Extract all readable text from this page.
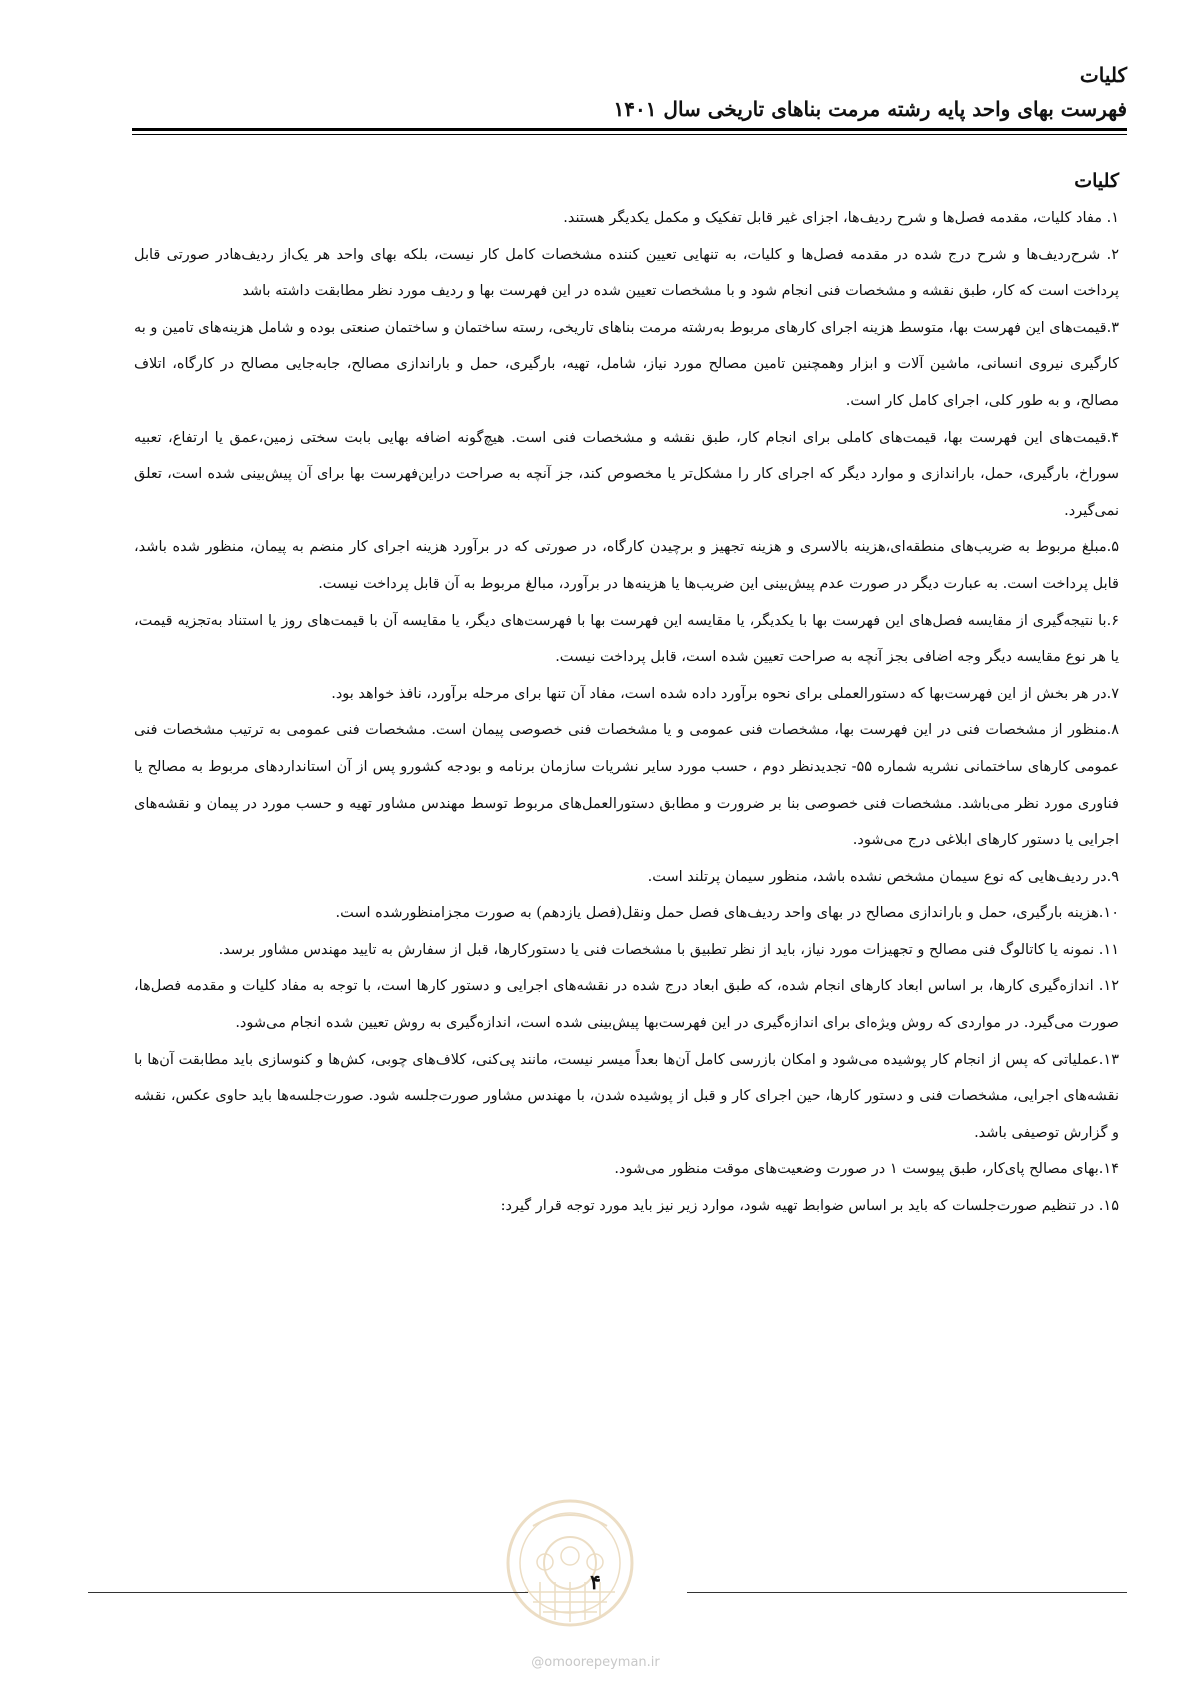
کلیات
فهرست بهای واحد پایه رشته مرمت بناهای تاریخی سال ۱۴۰۱
کلیات

۱. مفاد کلیات، مقدمه فصل‌ها و شرح ردیف‌ها، اجزای غیر قابل تفکیک و مکمل یکدیگر هستند.

۲. شرح‌ردیف‌ها و شرح درج شده در مقدمه فصل‌ها و کلیات، به تنهایی تعیین کننده مشخصات کامل کار نیست، بلکه بهای واحد هر یک‌از ردیف‌هادر صورتی قابل پرداخت است که کار، طبق نقشه و مشخصات فنی انجام شود و با مشخصات تعیین شده در این فهرست بها و ردیف مورد نظر مطابقت داشته باشد

۳.قیمت‌های این فهرست بها، متوسط هزینه اجرای کارهای مربوط به‌رشته مرمت بناهای تاریخی، رسته ساختمان و ساختمان صنعتی بوده و شامل هزینه‌های تامین و به کارگیری نیروی انسانی، ماشین آلات و ابزار وهمچنین تامین مصالح مورد نیاز، شامل، تهیه، بارگیری، حمل و باراندازی مصالح، جابه‌جایی مصالح در کارگاه، اتلاف مصالح، و به طور کلی، اجرای کامل کار است.

۴.قیمت‌های این فهرست بها، قیمت‌های کاملی برای انجام کار، طبق نقشه و مشخصات فنی است. هیچ‌گونه اضافه بهایی بابت سختی زمین،عمق یا ارتفاع، تعبیه سوراخ، بارگیری، حمل، باراندازی و موارد دیگر که اجرای کار را مشکل‌تر یا مخصوص کند، جز آنچه به صراحت دراین‌فهرست بها برای آن پیش‌بینی شده است، تعلق نمی‌گیرد.

۵.مبلغ مربوط به ضریب‌های منطقه‌ای،هزینه بالاسری و هزینه تجهیز و برچیدن کارگاه، در صورتی که در برآورد هزینه اجرای کار منضم به پیمان، منظور شده باشد، قابل پرداخت است. به عبارت دیگر در صورت عدم پیش‌بینی این ضریب‌ها یا هزینه‌ها در برآورد، مبالغ مربوط به آن قابل پرداخت نیست.

۶.با نتیجه‌گیری از مقایسه فصل‌های این فهرست بها با یکدیگر، یا مقایسه این فهرست بها با فهرست‌های دیگر، یا مقایسه آن با قیمت‌های روز یا استناد به‌تجزیه قیمت، یا هر نوع مقایسه دیگر وجه اضافی بجز آنچه به صراحت تعیین شده است، قابل پرداخت نیست.

۷.در هر بخش از این فهرست‌بها که دستورالعملی برای نحوه برآورد داده شده است، مفاد آن تنها برای مرحله برآورد، نافذ خواهد بود.

۸.منظور از مشخصات فنی در این فهرست بها، مشخصات فنی عمومی و یا مشخصات فنی خصوصی پیمان است. مشخصات فنی عمومی به ترتیب مشخصات فنی عمومی کارهای ساختمانی نشریه شماره ۵۵- تجدیدنظر دوم ، حسب مورد سایر نشریات سازمان برنامه و بودجه کشورو پس از آن استانداردهای مربوط به مصالح یا فناوری مورد نظر می‌باشد. مشخصات فنی خصوصی بنا بر ضرورت و مطابق دستورالعمل‌های مربوط توسط مهندس مشاور تهیه و حسب مورد در پیمان و نقشه‌های اجرایی یا دستور کارهای ابلاغی درج می‌شود.

۹.در ردیف‌هایی که نوع سیمان مشخص نشده باشد، منظور سیمان پرتلند است.

۱۰.هزینه بارگیری، حمل و باراندازی مصالح در بهای واحد ردیف‌های فصل حمل ونقل(فصل یازدهم) به صورت مجزامنظورشده است.

۱۱. نمونه یا کاتالوگ فنی مصالح و تجهیزات مورد نیاز، باید از نظر تطبیق با مشخصات فنی یا دستورکارها، قبل از سفارش به تایید مهندس مشاور برسد.

۱۲. اندازه‌گیری کارها، بر اساس ابعاد کارهای انجام شده، که طبق ابعاد درج شده در نقشه‌های اجرایی و دستور کارها است، با توجه به مفاد کلیات و مقدمه فصل‌ها، صورت می‌گیرد. در مواردی که روش ویژه‌ای برای اندازه‌گیری در این فهرست‌بها پیش‌بینی شده است، اندازه‌گیری به روش تعیین شده انجام می‌شود.

۱۳.عملیاتی که پس از انجام کار پوشیده می‌شود و امکان بازرسی کامل آن‌ها بعداً میسر نیست، مانند پی‌کنی، کلاف‌های چوبی، کش‌ها و کنوسازی باید مطابقت آن‌ها با نقشه‌های اجرایی، مشخصات فنی و دستور کارها، حین اجرای کار و قبل از پوشیده شدن، با مهندس مشاور صورت‌جلسه شود. صورت‌جلسه‌ها باید حاوی عکس، نقشه و گزارش توصیفی باشد.

۱۴.بهای مصالح پای‌کار، طبق پیوست ۱ در صورت وضعیت‌های موقت منظور می‌شود.

۱۵. در تنظیم صورت‌جلسات که باید بر اساس ضوابط تهیه شود، موارد زیر نیز باید مورد توجه قرار گیرد:

۴
@omoorepeyman.ir
